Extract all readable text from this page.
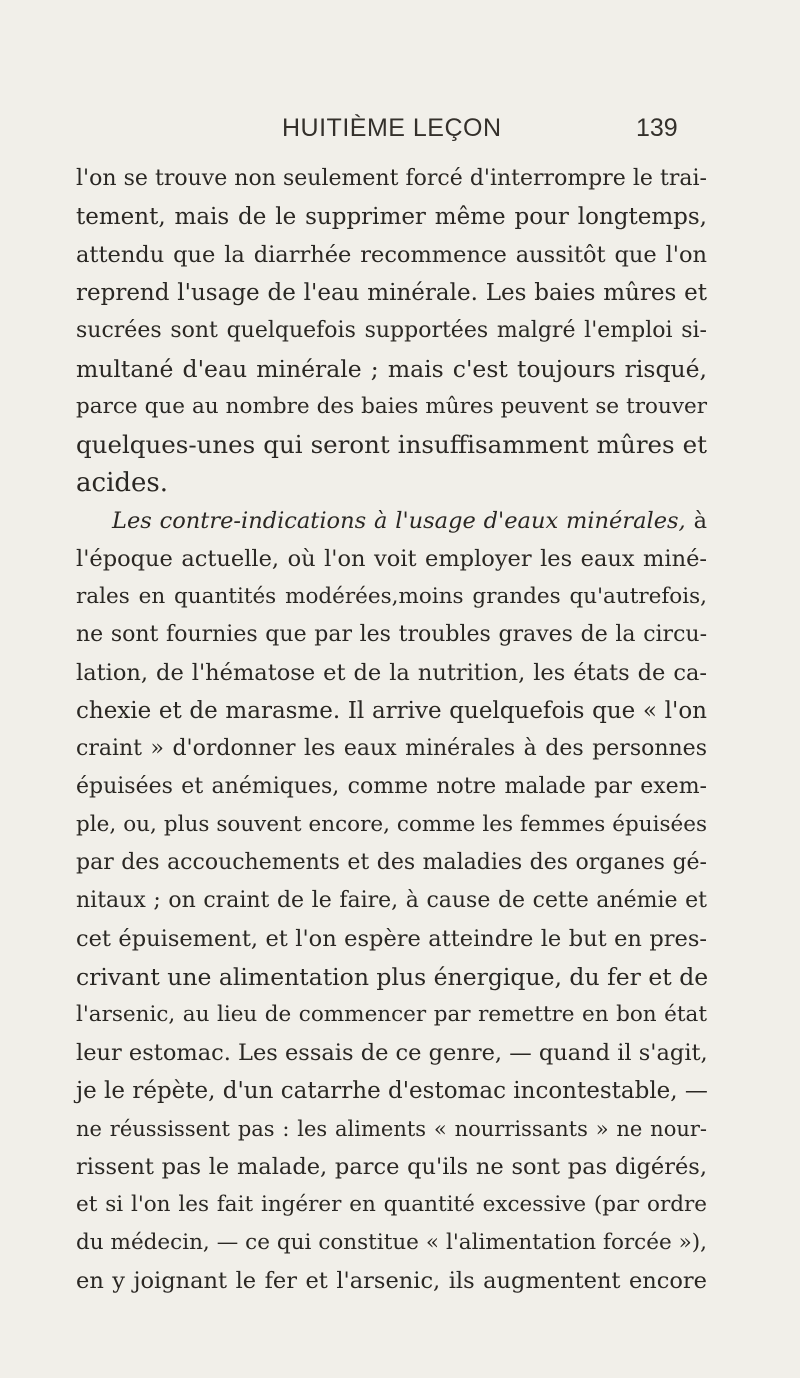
HUITIÈME LEÇON	139
l'on se trouve non seulement forcé d'interrompre le trai-
tement, mais de le supprimer même pour longtemps,
attendu que la diarrhée recommence aussitôt que l'on
reprend l'usage de l'eau minérale. Les baies mûres et
sucrées sont quelquefois supportées malgré l'emploi si-
multané d'eau minérale ; mais c'est toujours risqué,
parce que au nombre des baies mûres peuvent se trouver
quelques-unes qui seront insuffisamment mûres et
acides.
Les contre-indications à l'usage d'eaux minérales, à
l'époque actuelle, où l'on voit employer les eaux miné-
rales en quantités modérées,moins grandes qu'autrefois,
ne sont fournies que par les troubles graves de la circu-
lation, de l'hématose et de la nutrition, les états de ca-
chexie et de marasme. Il arrive quelquefois que « l'on
craint » d'ordonner les eaux minérales à des personnes
épuisées et anémiques, comme notre malade par exem-
ple, ou, plus souvent encore, comme les femmes épuisées
par des accouchements et des maladies des organes gé-
nitaux ; on craint de le faire, à cause de cette anémie et
cet épuisement, et l'on espère atteindre le but en pres-
crivant une alimentation plus énergique, du fer et de
l'arsenic, au lieu de commencer par remettre en bon état
leur estomac. Les essais de ce genre, — quand il s'agit,
je le répète, d'un catarrhe d'estomac incontestable, —
ne réussissent pas : les aliments « nourrissants » ne nour-
rissent pas le malade, parce qu'ils ne sont pas digérés,
et si l'on les fait ingérer en quantité excessive (par ordre
du médecin, — ce qui constitue « l'alimentation forcée »),
en y joignant le fer et l'arsenic, ils augmentent encore
